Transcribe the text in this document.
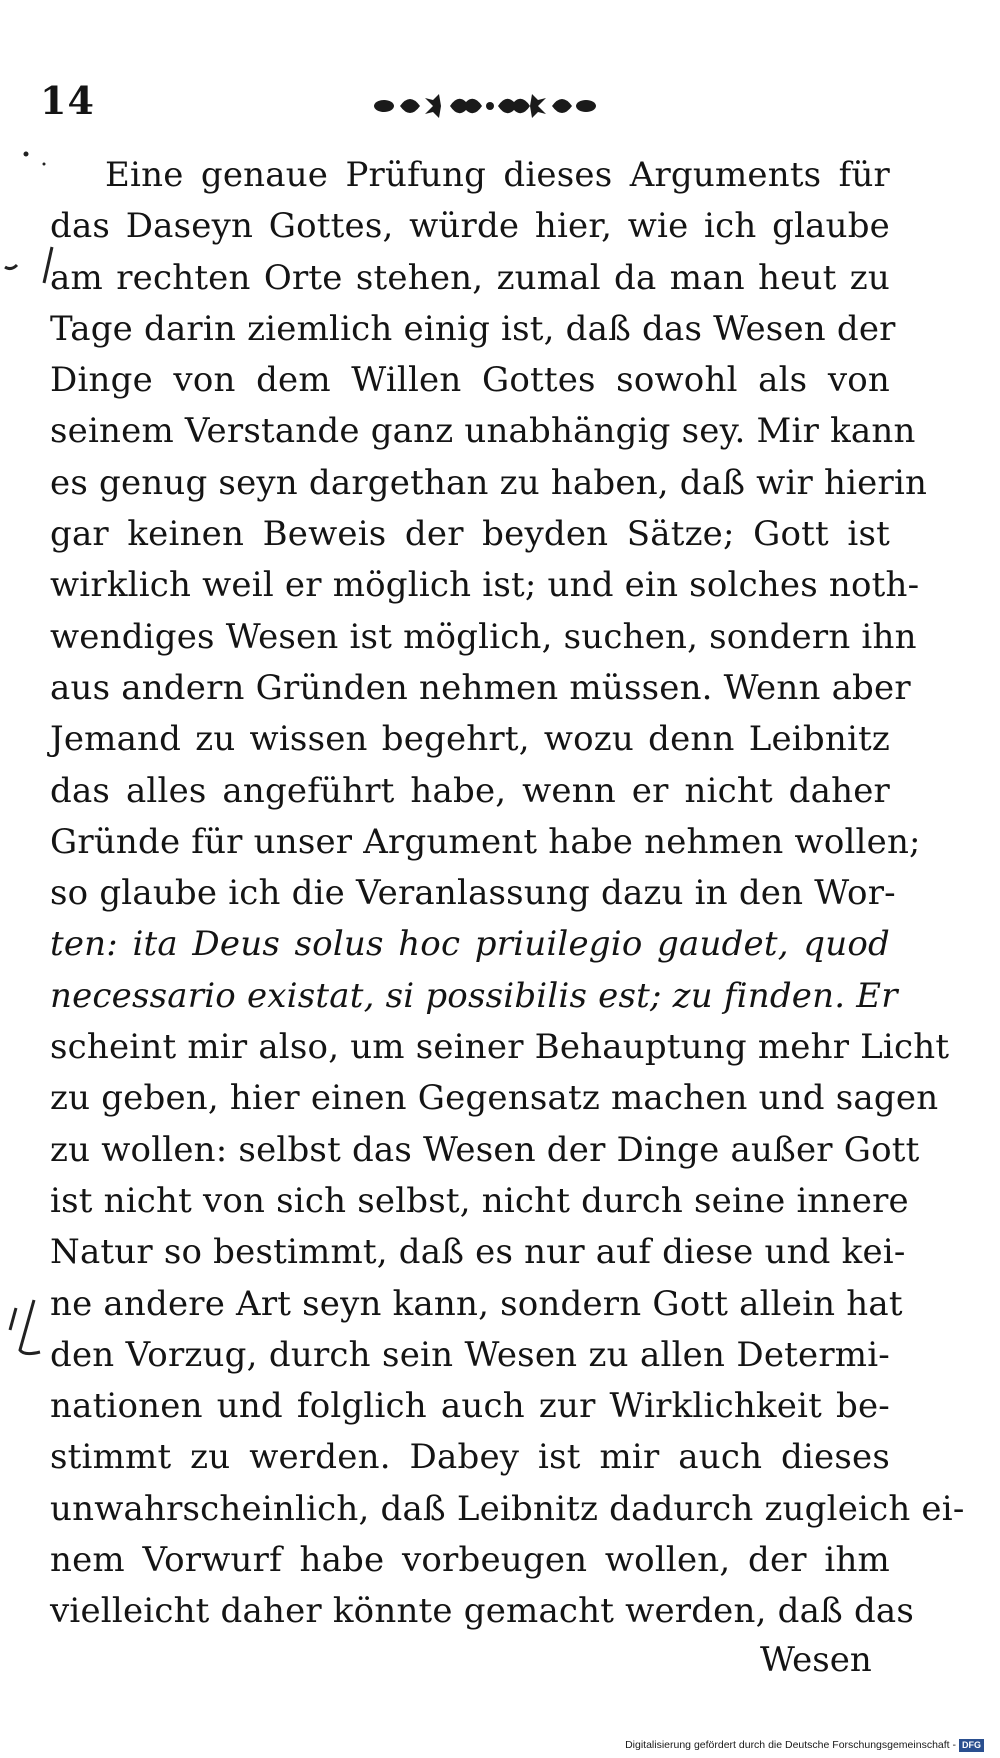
14
Eine genaue Prüfung dieses Arguments für
das Daseyn Gottes, würde hier, wie ich glaube
am rechten Orte stehen, zumal da man heut zu
Tage darin ziemlich einig ist, daß das Wesen der
Dinge von dem Willen Gottes sowohl als von
seinem Verstande ganz unabhängig sey. Mir kann
es genug seyn dargethan zu haben, daß wir hierin
gar keinen Beweis der beyden Sätze; Gott ist
wirklich weil er möglich ist; und ein solches noth-
wendiges Wesen ist möglich, suchen, sondern ihn
aus andern Gründen nehmen müssen. Wenn aber
Jemand zu wissen begehrt, wozu denn Leibnitz
das alles angeführt habe, wenn er nicht daher
Gründe für unser Argument habe nehmen wollen;
so glaube ich die Veranlassung dazu in den Wor-
ten: ita Deus solus hoc priuilegio gaudet, quod
necessario existat, si possibilis est; zu finden. Er
scheint mir also, um seiner Behauptung mehr Licht
zu geben, hier einen Gegensatz machen und sagen
zu wollen: selbst das Wesen der Dinge außer Gott
ist nicht von sich selbst, nicht durch seine innere
Natur so bestimmt, daß es nur auf diese und kei-
ne andere Art seyn kann, sondern Gott allein hat
den Vorzug, durch sein Wesen zu allen Determi-
nationen und folglich auch zur Wirklichkeit be-
stimmt zu werden. Dabey ist mir auch dieses
unwahrscheinlich, daß Leibnitz dadurch zugleich ei-
nem Vorwurf habe vorbeugen wollen, der ihm
vielleicht daher könnte gemacht werden, daß das
Wesen
Digitalisierung gefördert durch die Deutsche Forschungsgemeinschaft - DFG
